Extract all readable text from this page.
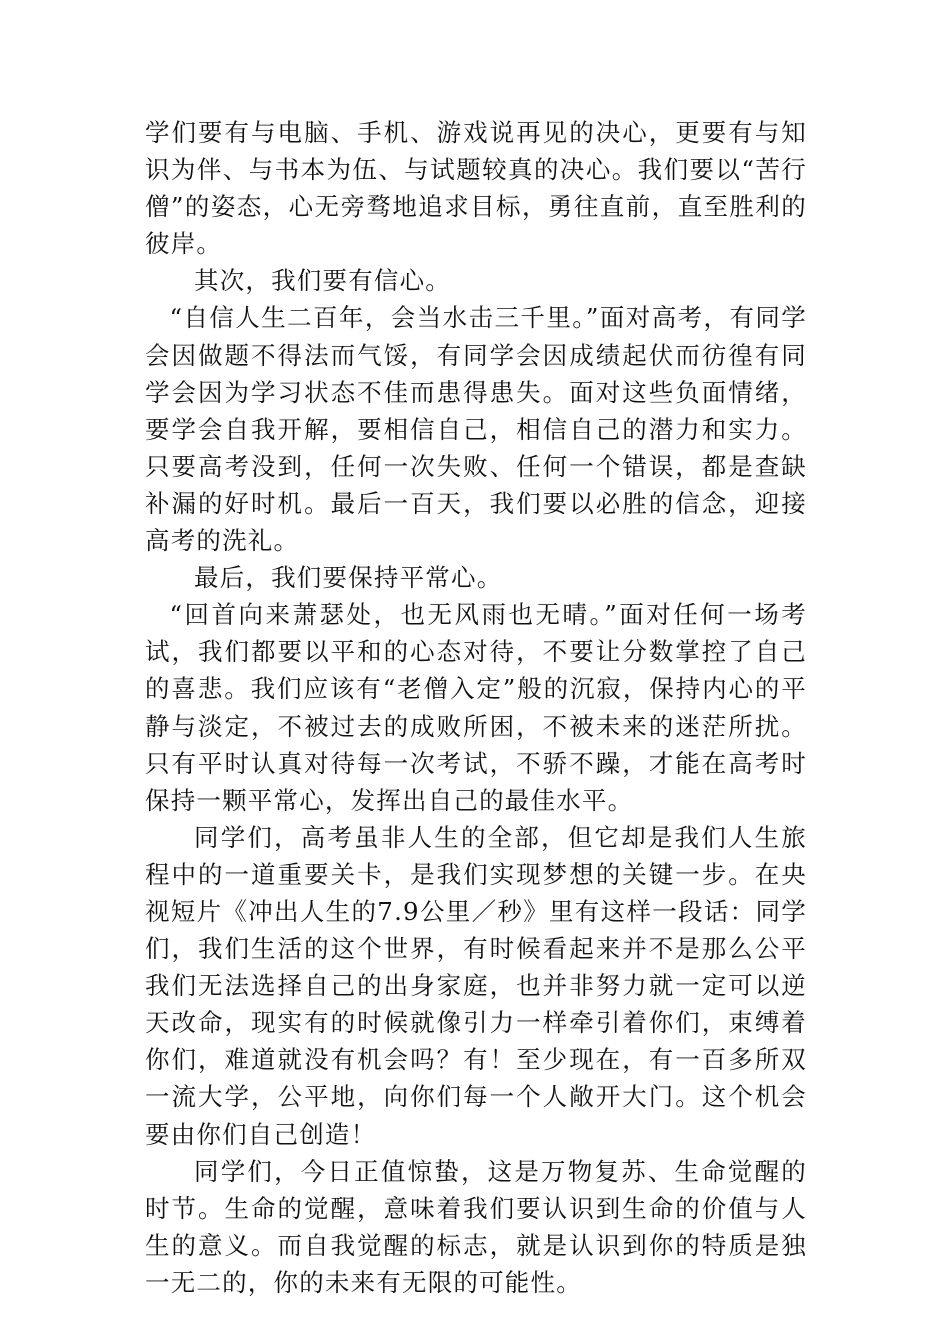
学们要有与电脑、手机、游戏说再见的决心，更要有与知识为伴、与书本为伍、与试题较真的决心。我们要以“苦行僧”的姿态，心无旁骛地追求目标，勇往直前，直至胜利的彼岸。

其次，我们要有信心。

“自信人生二百年，会当水击三千里。”面对高考，有同学会因做题不得法而气馁，有同学会因成绩起伏而彷徨有同学会因为学习状态不佳而患得患失。面对这些负面情绪，要学会自我开解，要相信自己，相信自己的潜力和实力。只要高考没到，任何一次失败、任何一个错误，都是查缺补漏的好时机。最后一百天，我们要以必胜的信念，迎接高考的洗礼。

最后，我们要保持平常心。

“回首向来萧瑟处，也无风雨也无晴。”面对任何一场考试，我们都要以平和的心态对待，不要让分数掌控了自己的喜悲。我们应该有“老僧入定”般的沉寂，保持内心的平静与淡定，不被过去的成败所困，不被未来的迷茫所扰。只有平时认真对待每一次考试，不骄不躁，才能在高考时保持一颗平常心，发挥出自己的最佳水平。

同学们，高考虽非人生的全部，但它却是我们人生旅程中的一道重要关卡，是我们实现梦想的关键一步。在央视短片《冲出人生的7.9公里／秒》里有这样一段话：同学们，我们生活的这个世界，有时候看起来并不是那么公平我们无法选择自己的出身家庭，也并非努力就一定可以逆天改命，现实有的时候就像引力一样牵引着你们，束缚着你们，难道就没有机会吗？有！至少现在，有一百多所双一流大学，公平地，向你们每一个人敞开大门。这个机会要由你们自己创造！

同学们，今日正值惊蛰，这是万物复苏、生命觉醒的时节。生命的觉醒，意味着我们要认识到生命的价值与人生的意义。而自我觉醒的标志，就是认识到你的特质是独一无二的，你的未来有无限的可能性。
